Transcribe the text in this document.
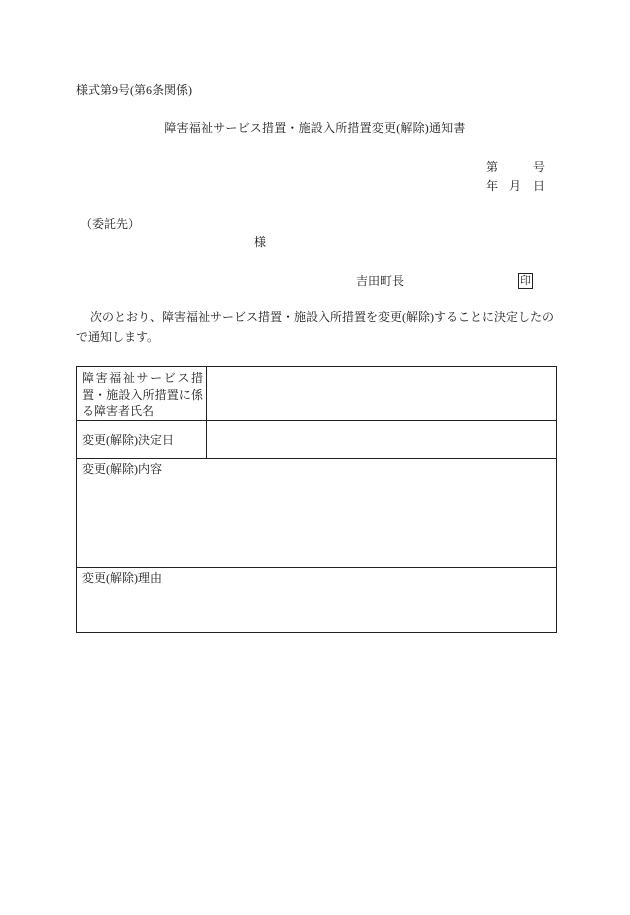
様式第9号(第6条関係)
障害福祉サービス措置・施設入所措置変更(解除)通知書
第	号
年 月 日
（委託先）
様
吉田町長	印
次のとおり、障害福祉サービス措置・施設入所措置を変更(解除)することに決定したの
で通知します。
障害福祉サービス措
置・施設入所措置に係
る障害者氏名
変更(解除)決定日
変更(解除)内容
変更(解除)理由
